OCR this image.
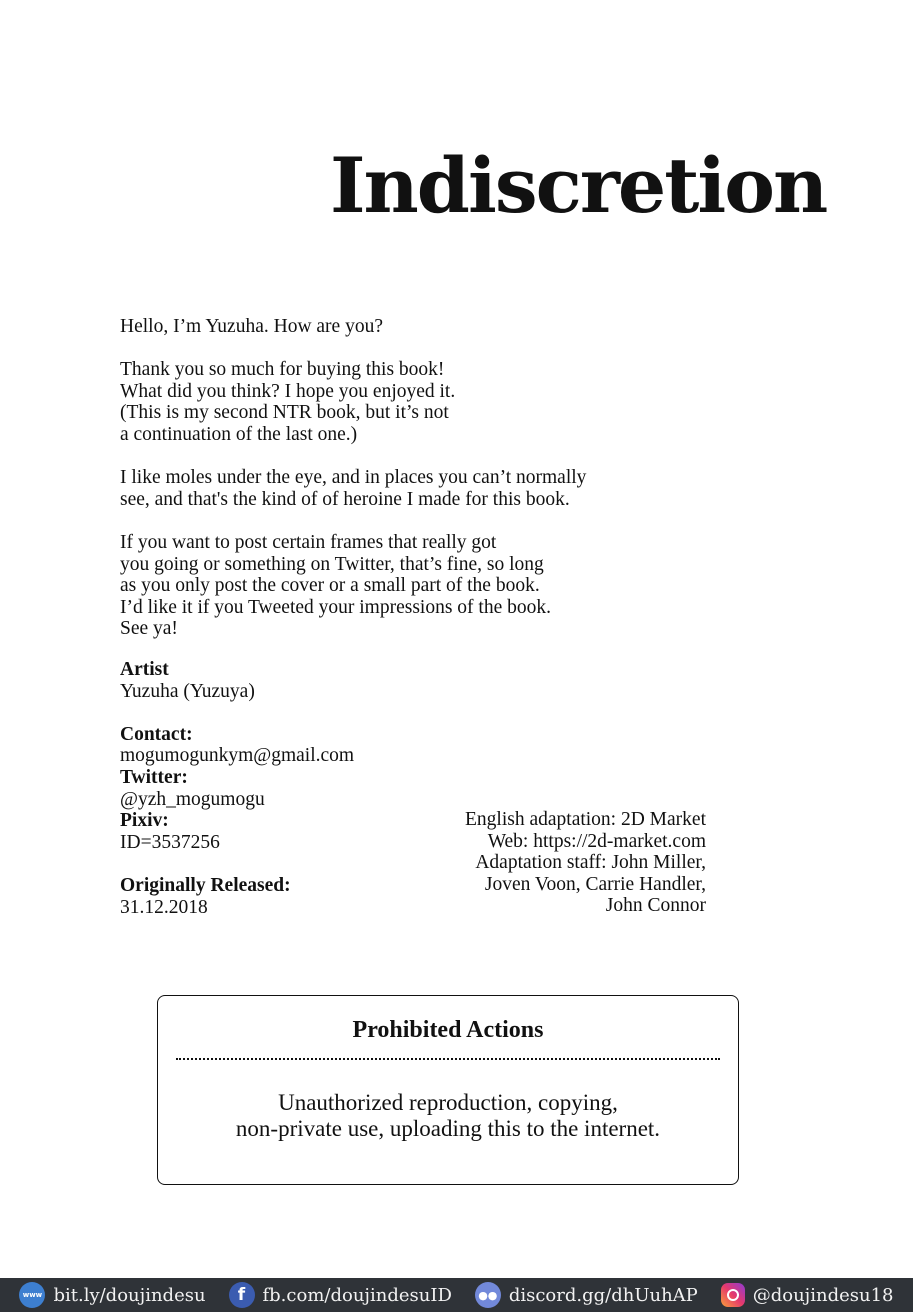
Indiscretion

Hello, I’m Yuzuha. How are you?

Thank you so much for buying this book!
What did you think? I hope you enjoyed it.
(This is my second NTR book, but it’s not
a continuation of the last one.)

I like moles under the eye, and in places you can’t normally
see, and that's the kind of of heroine I made for this book.

If you want to post certain frames that really got
you going or something on Twitter, that’s fine, so long
as you only post the cover or a small part of the book.
I’d like it if you Tweeted your impressions of the book.
See ya!

Artist
Yuzuha (Yuzuya)
Contact:
mogumogunkym@gmail.com
Twitter:
@yzh_mogumogu
Pixiv:
ID=3537256
Originally Released:
31.12.2018
English adaptation: 2D Market
Web: https://2d-market.com
Adaptation staff: John Miller,
Joven Voon, Carrie Handler,
John Connor
Prohibited Actions
Unauthorized reproduction, copying,
non-private use, uploading this to the internet.
www bit.ly/doujindesu	f fb.com/doujindesuID	●● discord.gg/dhUuhAP	@doujindesu18
